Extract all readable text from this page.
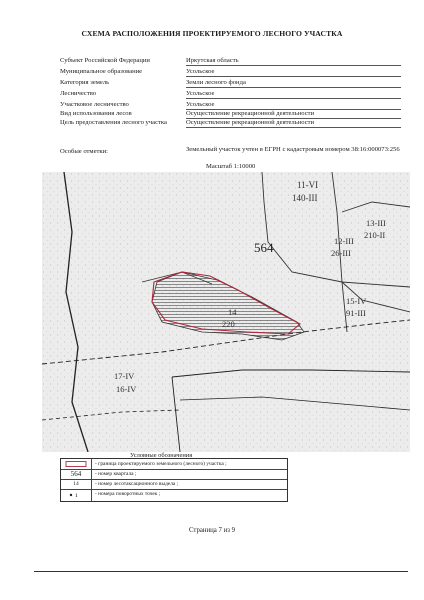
СХЕМА РАСПОЛОЖЕНИЯ ПРОЕКТИРУЕМОГО ЛЕСНОГО УЧАСТКА
Субъект Российской Федерации	Иркутская область
Муниципальное образование	Усольское
Категория земель	Земли лесного фонда
Лесничество	Усольское
Участковое лесничество	Усольское
Вид использования лесов	Осуществление рекреационной деятельности
Цель предоставления лесного участка	Осуществление рекреационной деятельности
Особые отметки:	Земельный участок учтен в ЕГРН с кадастровым номером 38:16:000073:256
Масштаб 1:10000
564
11-VI
140-III
12-III
26-III
13-III
210-II
15-IV
91-III
14
220
17-IV
16-IV
Условные обозначения
- граница проектируемого земельного (лесного) участка ;
564	- номер квартала ;
14	- номер лесотаксационного выдела ;
1	- номера поворотных точек ;
Страница 7 из 9
